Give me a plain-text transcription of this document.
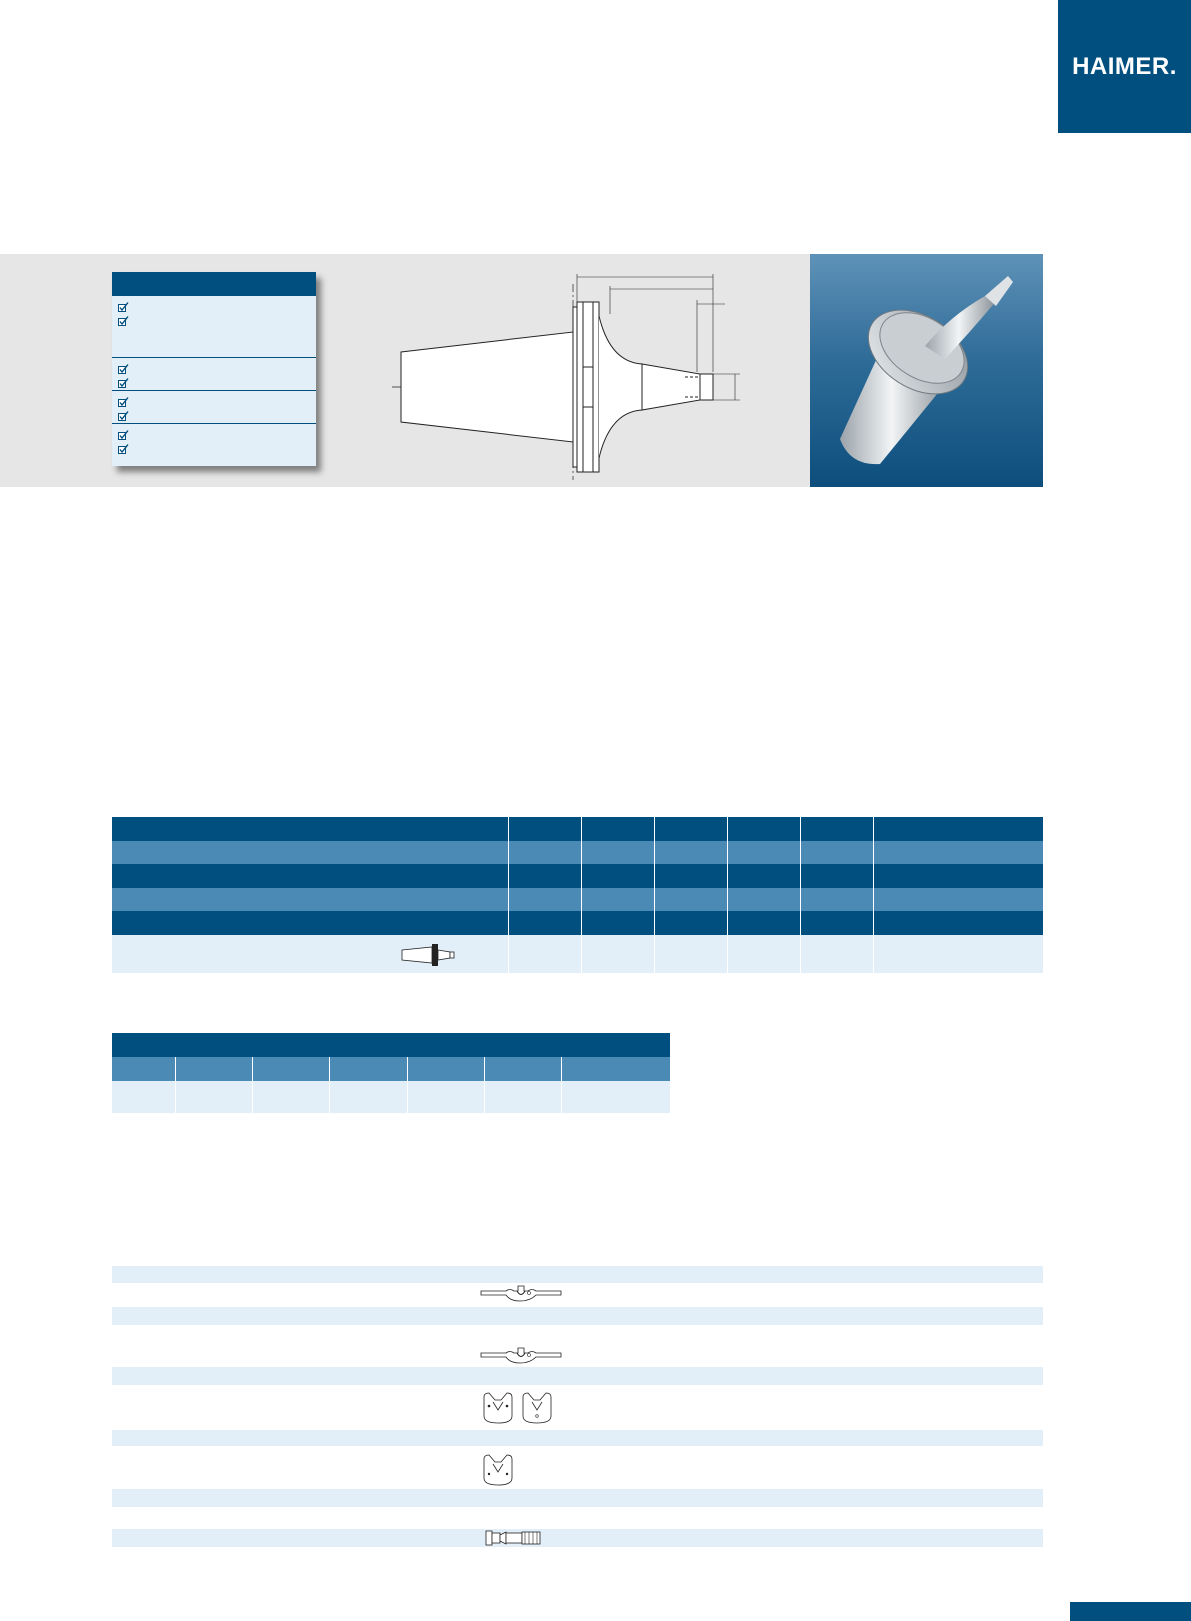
HAIMER.
